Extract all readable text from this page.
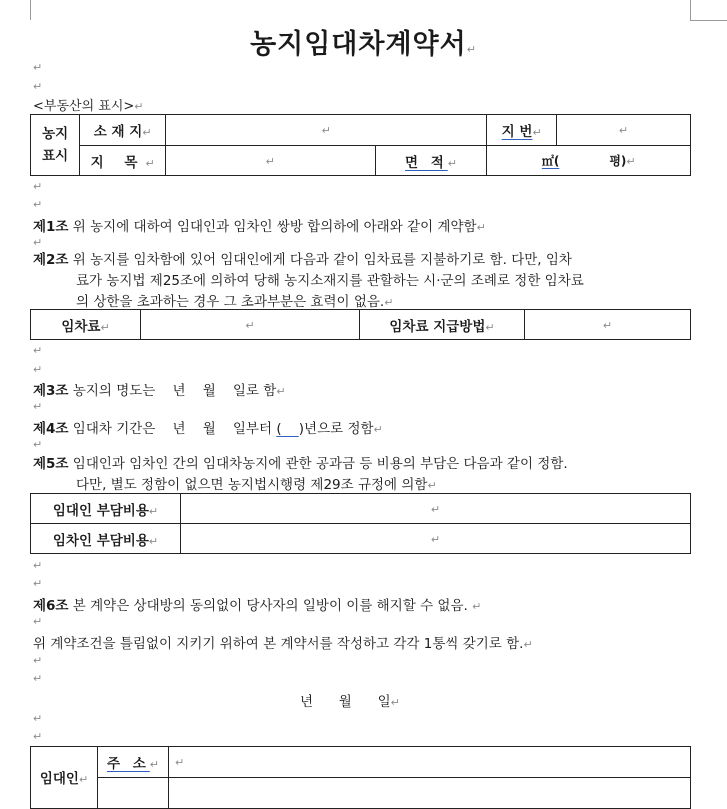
농지임대차계약서↵
↵
↵
<부동산의 표시>↵
농지표시	소 재 지↵	↵		지 번↵	↵
	지 목↵	↵	면 적↵	㎡( 평)↵	
↵
↵
제1조 위 농지에 대하여 임대인과 임차인 쌍방 합의하에 아래와 같이 계약함↵
↵
제2조 위 농지를 임차함에 있어 임대인에게 다음과 같이 임차료를 지불하기로 함. 다만, 임차
료가 농지법 제25조에 의하여 당해 농지소재지를 관할하는 시·군의 조례로 정한 임차료
의 상한을 초과하는 경우 그 초과부분은 효력이 없음.↵
임차료↵	↵	임차료 지급방법↵	↵
↵
↵
제3조 농지의 명도는    년    월    일로 함↵
↵
제4조 임대차 기간은    년    월    일부터 (    )년으로 정함↵
↵
제5조 임대인과 임차인 간의 임대차농지에 관한 공과금 등 비용의 부담은 다음과 같이 정함.
다만, 별도 정함이 없으면 농지법시행령 제29조 규정에 의함↵
임대인 부담비용↵	↵
임차인 부담비용↵	↵
↵
↵
제6조 본 계약은 상대방의 동의없이 당사자의 일방이 이를 해지할 수 없음. ↵
↵
위 계약조건을 틀림없이 지키기 위하여 본 계약서를 작성하고 각각 1통씩 갖기로 함.↵
↵
↵
년      월      일↵
↵
↵
임대인↵	주 소↵	↵
